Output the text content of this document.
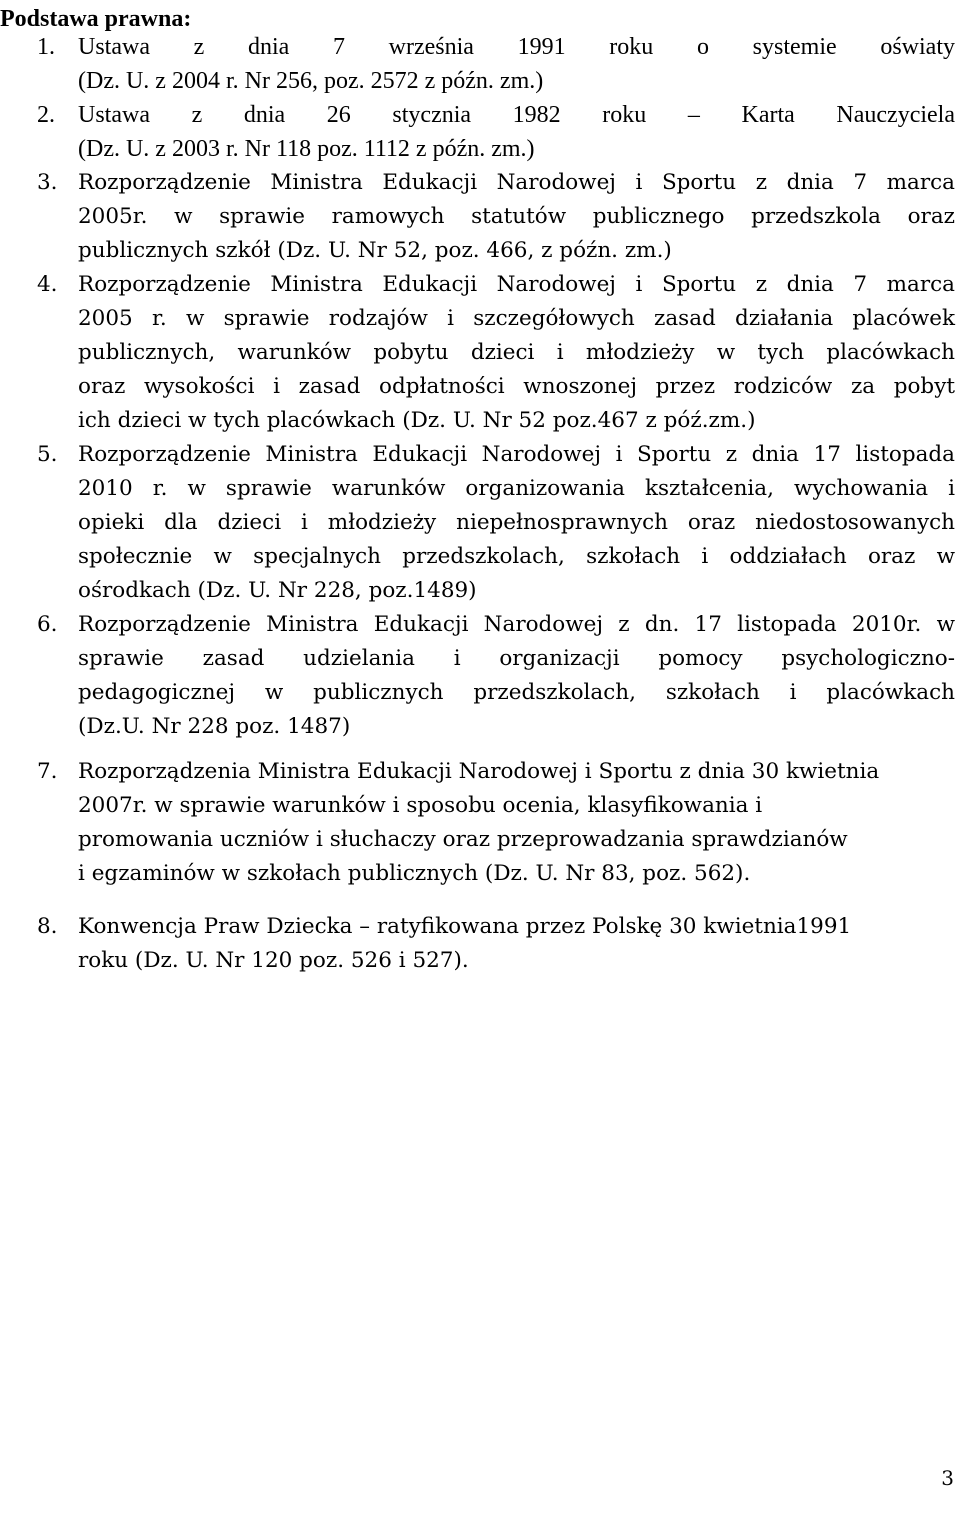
Podstawa prawna:
1. Ustawa z dnia 7 września 1991 roku o systemie oświaty
(Dz. U. z 2004 r. Nr 256, poz. 2572 z późn. zm.)
2. Ustawa z dnia 26 stycznia 1982 roku – Karta Nauczyciela
(Dz. U. z 2003 r. Nr 118 poz. 1112 z późn. zm.)
3. Rozporządzenie Ministra Edukacji Narodowej i Sportu z dnia 7 marca
2005r. w sprawie ramowych statutów publicznego przedszkola oraz
publicznych szkół (Dz. U. Nr 52, poz. 466, z późn. zm.)
4. Rozporządzenie Ministra Edukacji Narodowej i Sportu z dnia 7 marca
2005 r. w sprawie rodzajów i szczegółowych zasad działania placówek
publicznych, warunków pobytu dzieci i młodzieży w tych placówkach
oraz wysokości i zasad odpłatności wnoszonej przez rodziców za pobyt
ich dzieci w tych placówkach (Dz. U. Nr 52 poz.467 z póź.zm.)
5. Rozporządzenie Ministra Edukacji Narodowej i Sportu z dnia 17 listopada
2010 r. w sprawie warunków organizowania kształcenia, wychowania i
opieki dla dzieci i młodzieży niepełnosprawnych oraz niedostosowanych
społecznie w specjalnych przedszkolach, szkołach i oddziałach oraz w
ośrodkach (Dz. U. Nr 228, poz.1489)
6. Rozporządzenie Ministra Edukacji Narodowej z dn. 17 listopada 2010r. w
sprawie zasad udzielania i organizacji pomocy psychologiczno-
pedagogicznej w publicznych przedszkolach, szkołach i placówkach
(Dz.U. Nr 228 poz. 1487)
7. Rozporządzenia Ministra Edukacji Narodowej i Sportu z dnia 30 kwietnia
2007r. w sprawie warunków i sposobu ocenia, klasyfikowania i
promowania uczniów i słuchaczy oraz przeprowadzania sprawdzianów
i egzaminów w szkołach publicznych (Dz. U. Nr 83, poz. 562).
8. Konwencja Praw Dziecka – ratyfikowana przez Polskę 30 kwietnia1991
roku (Dz. U. Nr 120 poz. 526 i 527).
3
